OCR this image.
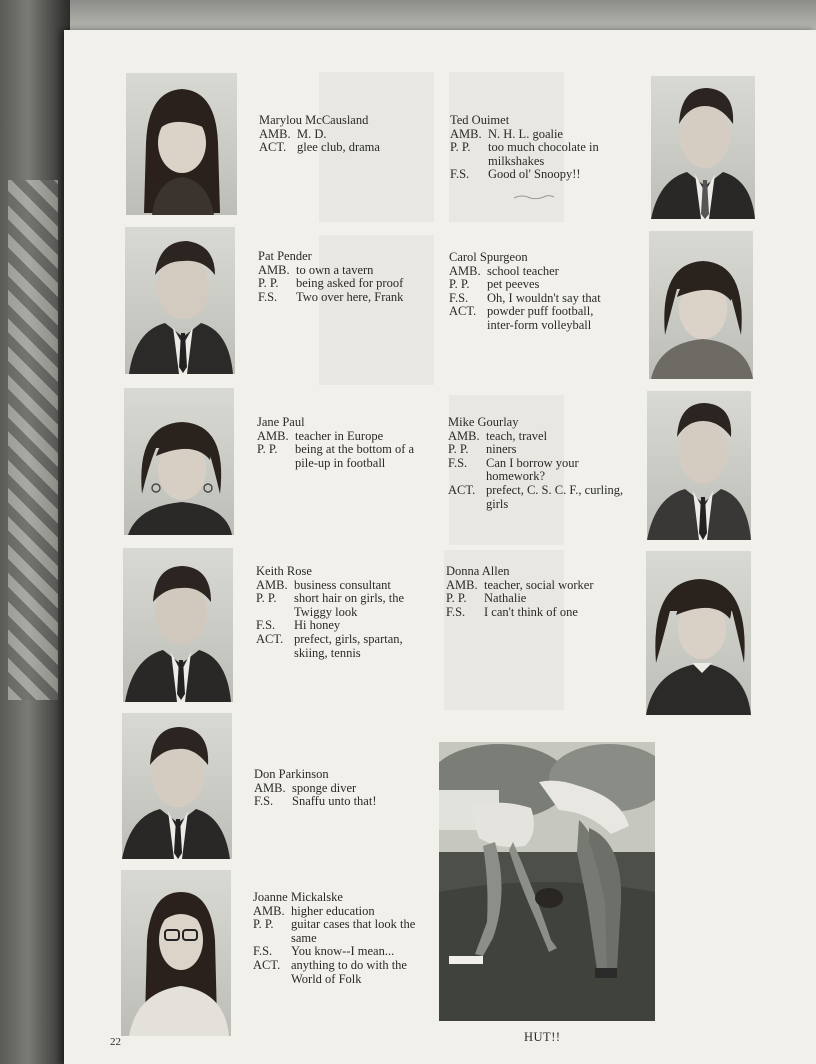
Marylou McCausland
AMB. M. D.
ACT. glee club, drama
Pat Pender
AMB. to own a tavern
P. P.	being asked for proof
F.S.	Two over here, Frank
Jane Paul
AMB. teacher in Europe
P. P.	being at the bottom of a pile-up in football
Keith Rose
AMB. business consultant
P. P.	short hair on girls, the Twiggy look
F.S.	Hi honey
ACT. prefect, girls, spartan, skiing, tennis
Don Parkinson
AMB. sponge diver
F.S.	Snaffu unto that!
Joanne Mickalske
AMB. higher education
P. P.	guitar cases that look the same
F.S.	You know--I mean...
ACT. anything to do with the World of Folk
Ted Ouimet
AMB. N. H. L. goalie
P. P.	too much chocolate in milkshakes
F.S.	Good ol' Snoopy!!
Carol Spurgeon
AMB. school teacher
P. P.	pet peeves
F.S.	Oh, I wouldn't say that
ACT. powder puff football, inter-form volleyball
Mike Gourlay
AMB. teach, travel
P. P.	niners
F.S.	Can I borrow your homework?
ACT. prefect, C. S. C. F., curling, girls
Donna Allen
AMB. teacher, social worker
P. P.	Nathalie
F.S.	I can't think of one
22	HUT!!
